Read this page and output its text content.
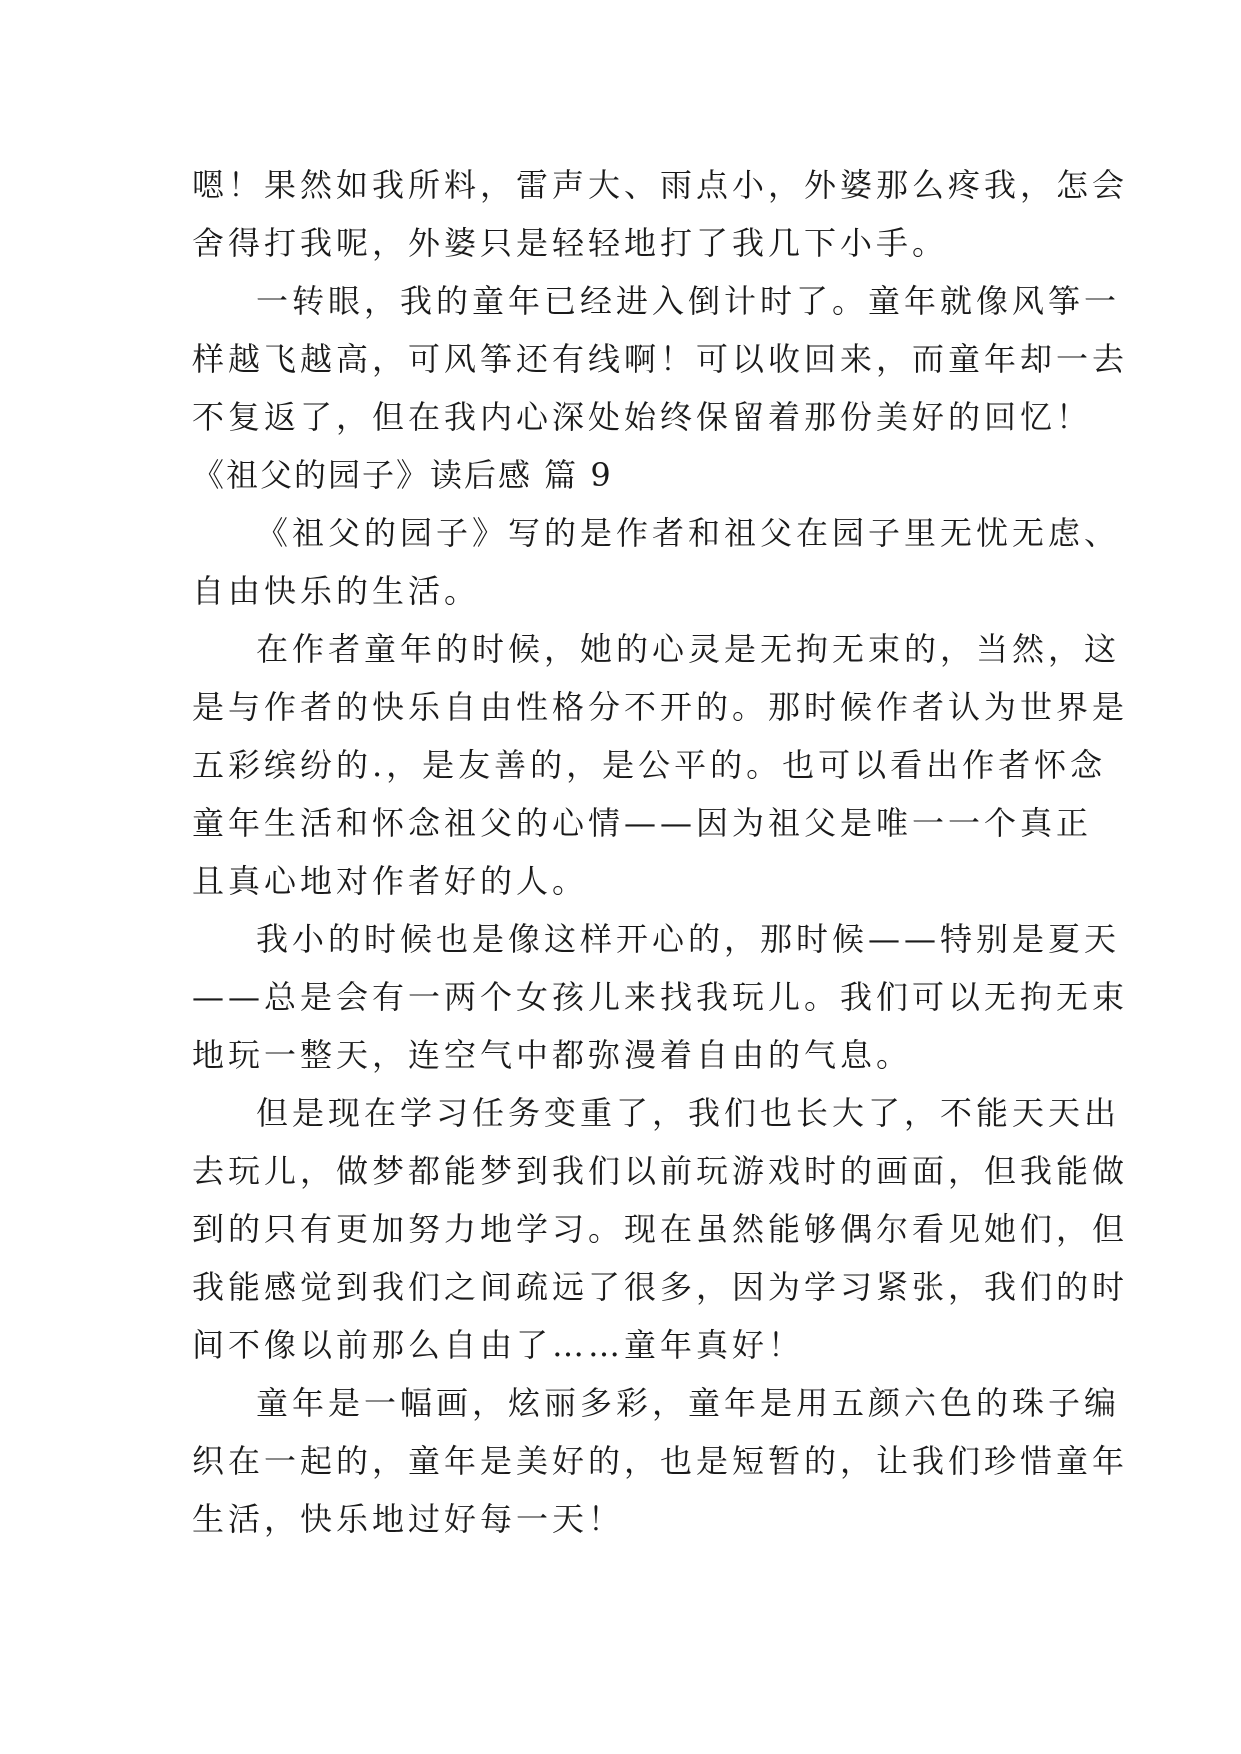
嗯！果然如我所料，雷声大、雨点小，外婆那么疼我，怎会
舍得打我呢，外婆只是轻轻地打了我几下小手。
一转眼，我的童年已经进入倒计时了。童年就像风筝一
样越飞越高，可风筝还有线啊！可以收回来，而童年却一去
不复返了，但在我内心深处始终保留着那份美好的回忆！
《祖父的园子》读后感 篇 9
《祖父的园子》写的是作者和祖父在园子里无忧无虑、
自由快乐的生活。
在作者童年的时候，她的心灵是无拘无束的，当然，这
是与作者的快乐自由性格分不开的。那时候作者认为世界是
五彩缤纷的.，是友善的，是公平的。也可以看出作者怀念
童年生活和怀念祖父的心情——因为祖父是唯一一个真正
且真心地对作者好的人。
我小的时候也是像这样开心的，那时候——特别是夏天
——总是会有一两个女孩儿来找我玩儿。我们可以无拘无束
地玩一整天，连空气中都弥漫着自由的气息。
但是现在学习任务变重了，我们也长大了，不能天天出
去玩儿，做梦都能梦到我们以前玩游戏时的画面，但我能做
到的只有更加努力地学习。现在虽然能够偶尔看见她们，但
我能感觉到我们之间疏远了很多，因为学习紧张，我们的时
间不像以前那么自由了……童年真好！
童年是一幅画，炫丽多彩，童年是用五颜六色的珠子编
织在一起的，童年是美好的，也是短暂的，让我们珍惜童年
生活，快乐地过好每一天！
